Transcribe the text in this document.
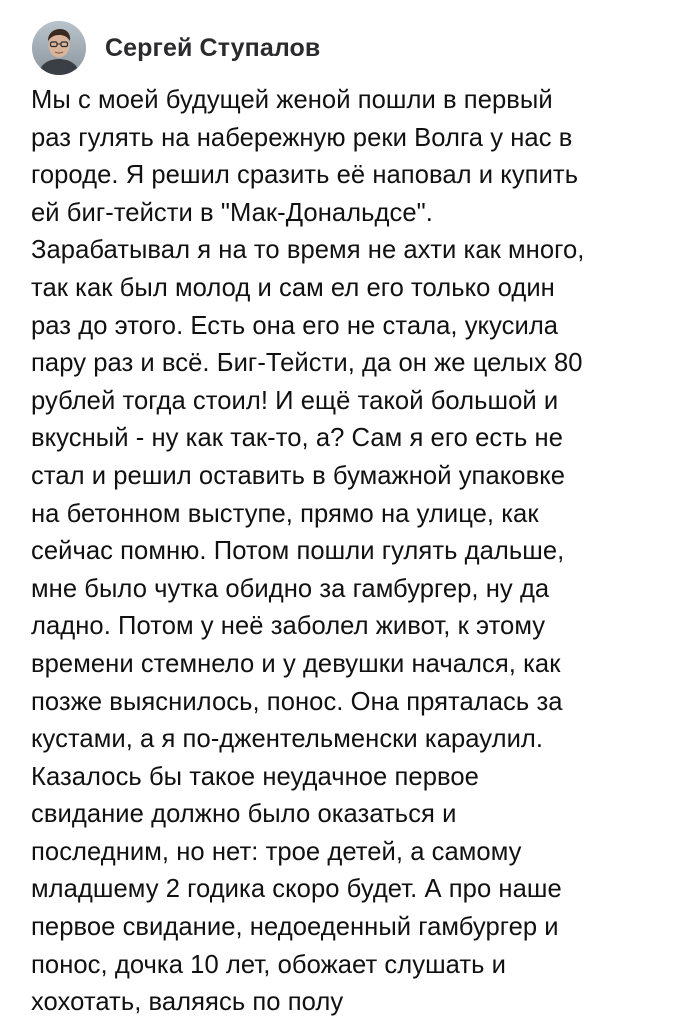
Сергей Ступалов
Мы с моей будущей женой пошли в первый
раз гулять на набережную реки Волга у нас в
городе. Я решил сразить её наповал и купить
ей биг-тейсти в "Мак-Дональдсе".
Зарабатывал я на то время не ахти как много,
так как был молод и сам ел его только один
раз до этого. Есть она его не стала, укусила
пару раз и всё. Биг-Тейсти, да он же целых 80
рублей тогда стоил! И ещё такой большой и
вкусный - ну как так-то, а? Сам я его есть не
стал и решил оставить в бумажной упаковке
на бетонном выступе, прямо на улице, как
сейчас помню. Потом пошли гулять дальше,
мне было чутка обидно за гамбургер, ну да
ладно. Потом у неё заболел живот, к этому
времени стемнело и у девушки начался, как
позже выяснилось, понос. Она пряталась за
кустами, а я по-джентельменски караулил.
Казалось бы такое неудачное первое
свидание должно было оказаться и
последним, но нет: трое детей, а самому
младшему 2 годика скоро будет. А про наше
первое свидание, недоеденный гамбургер и
понос, дочка 10 лет, обожает слушать и
хохотать, валяясь по полу
